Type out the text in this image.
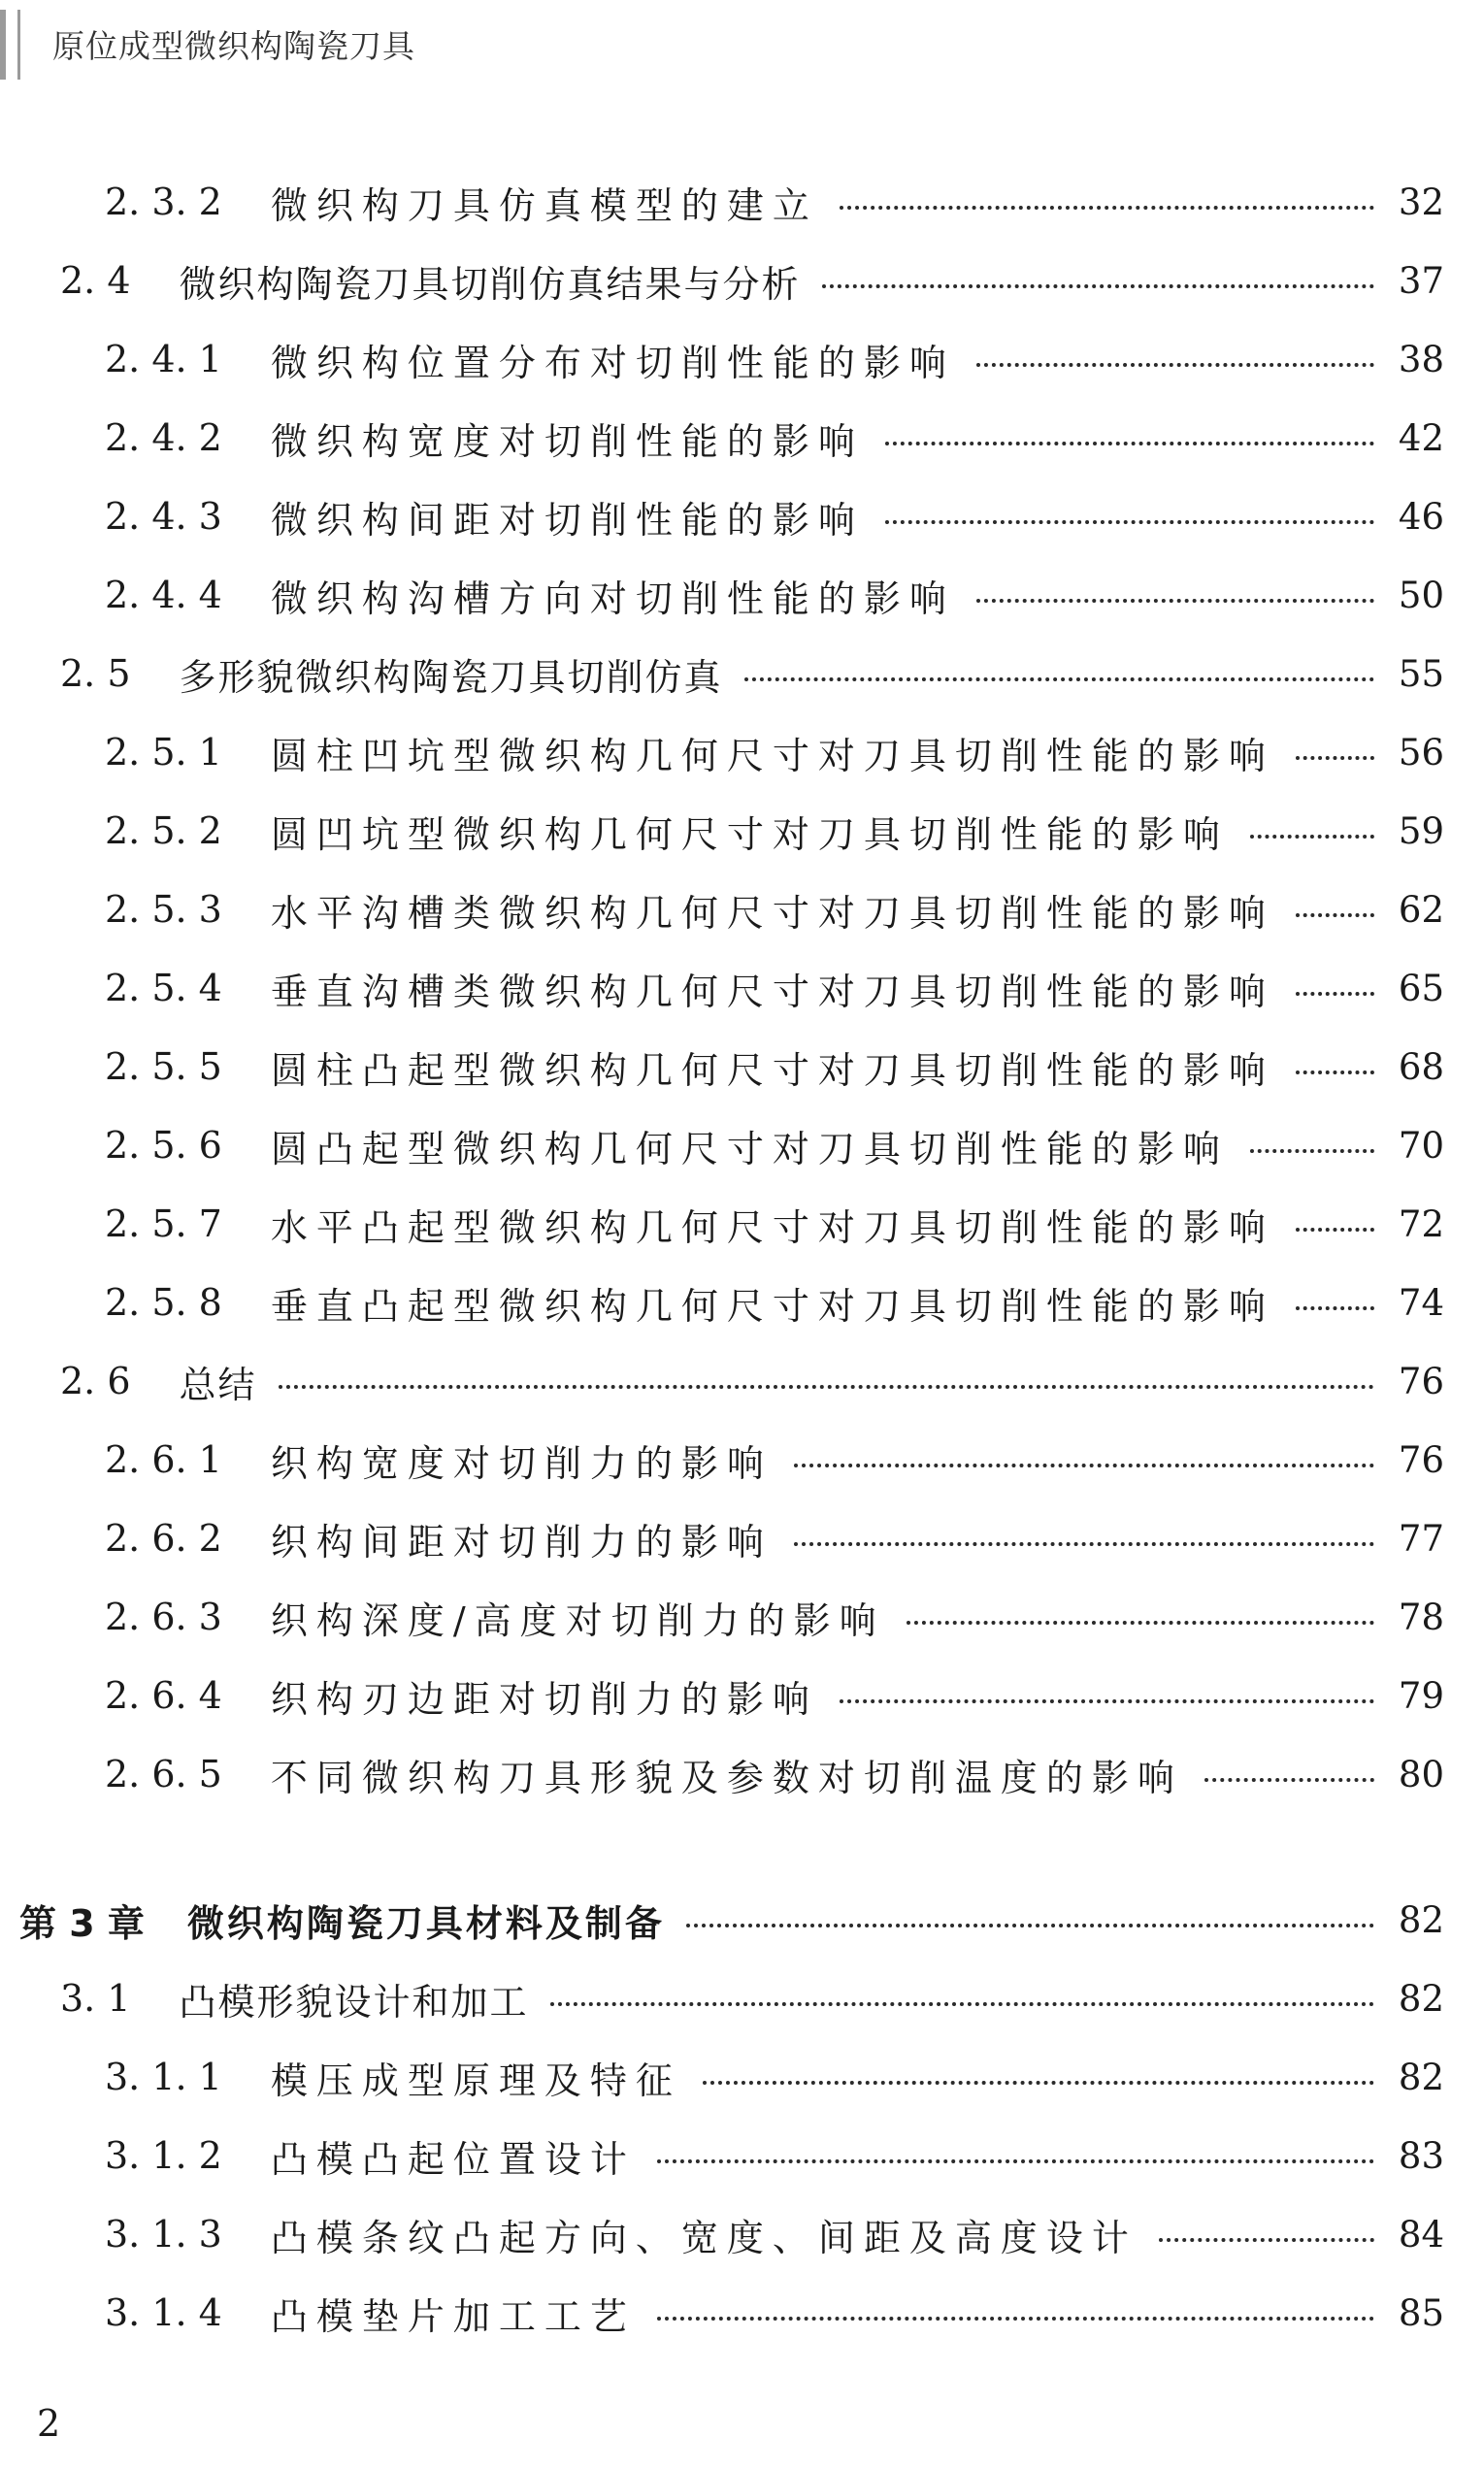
原位成型微织构陶瓷刀具
2. 3. 2 微织构刀具仿真模型的建立	32
2. 4 微织构陶瓷刀具切削仿真结果与分析	37
2. 4. 1 微织构位置分布对切削性能的影响	38
2. 4. 2 微织构宽度对切削性能的影响	42
2. 4. 3 微织构间距对切削性能的影响	46
2. 4. 4 微织构沟槽方向对切削性能的影响	50
2. 5 多形貌微织构陶瓷刀具切削仿真	55
2. 5. 1 圆柱凹坑型微织构几何尺寸对刀具切削性能的影响	56
2. 5. 2 圆凹坑型微织构几何尺寸对刀具切削性能的影响	59
2. 5. 3 水平沟槽类微织构几何尺寸对刀具切削性能的影响	62
2. 5. 4 垂直沟槽类微织构几何尺寸对刀具切削性能的影响	65
2. 5. 5 圆柱凸起型微织构几何尺寸对刀具切削性能的影响	68
2. 5. 6 圆凸起型微织构几何尺寸对刀具切削性能的影响	70
2. 5. 7 水平凸起型微织构几何尺寸对刀具切削性能的影响	72
2. 5. 8 垂直凸起型微织构几何尺寸对刀具切削性能的影响	74
2. 6 总结	76
2. 6. 1 织构宽度对切削力的影响	76
2. 6. 2 织构间距对切削力的影响	77
2. 6. 3 织构深度/高度对切削力的影响	78
2. 6. 4 织构刃边距对切削力的影响	79
2. 6. 5 不同微织构刀具形貌及参数对切削温度的影响	80
第 3 章 微织构陶瓷刀具材料及制备	82
3. 1 凸模形貌设计和加工	82
3. 1. 1 模压成型原理及特征	82
3. 1. 2 凸模凸起位置设计	83
3. 1. 3 凸模条纹凸起方向、宽度、间距及高度设计	84
3. 1. 4 凸模垫片加工工艺	85
2
